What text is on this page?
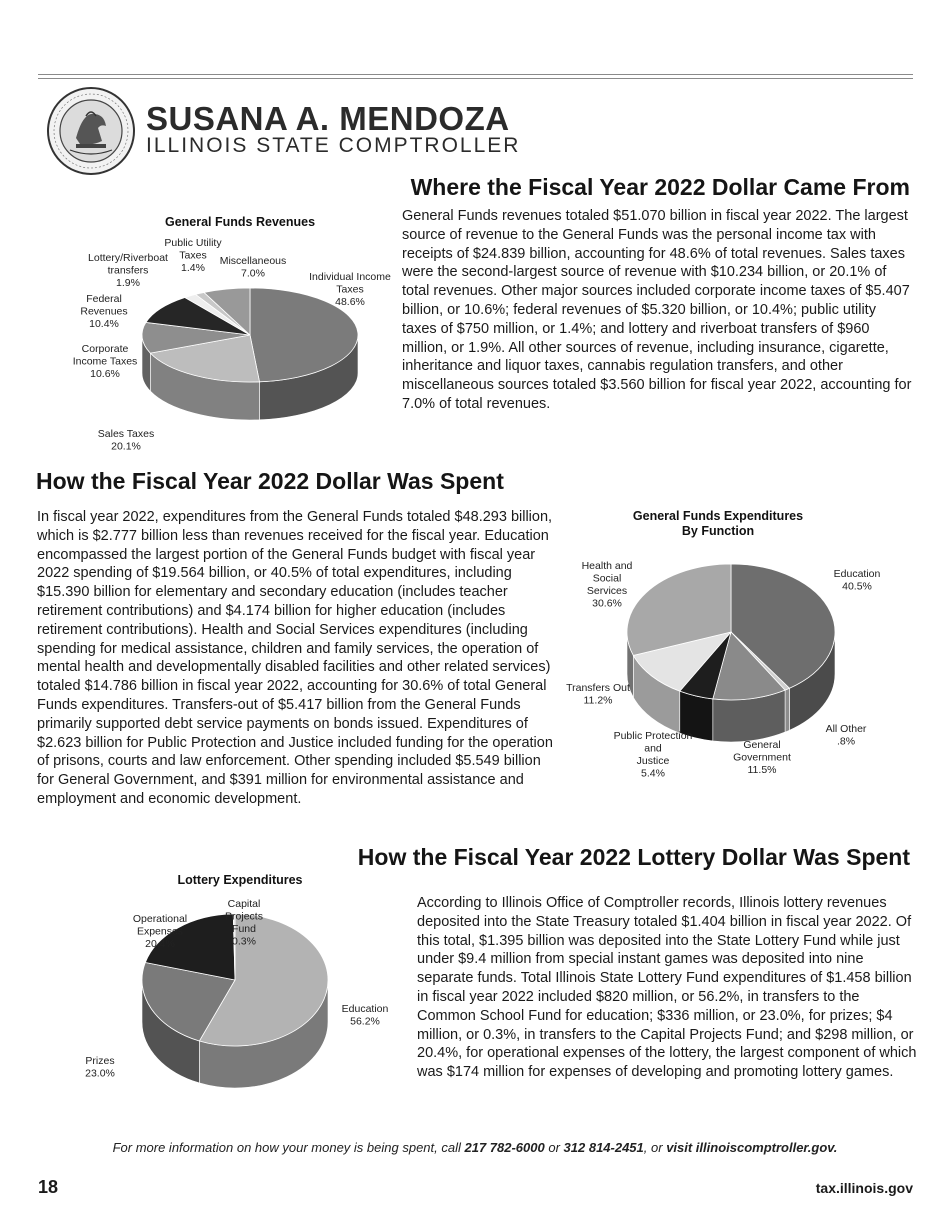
SUSANA A. MENDOZA
ILLINOIS STATE COMPTROLLER
Where the Fiscal Year 2022 Dollar Came From
General Funds revenues totaled $51.070 billion in fiscal year 2022. The largest source of revenue to the General Funds was the personal income tax with receipts of $24.839 billion, accounting for 48.6% of total revenues. Sales taxes were the second-largest source of revenue with $10.234 billion, or 20.1% of total revenues. Other major sources included corporate income taxes of $5.407 billion, or 10.6%; federal revenues of $5.320 billion, or 10.4%; public utility taxes of $750 million, or 1.4%; and lottery and riverboat transfers of $960 million, or 1.9%. All other sources of revenue, including insurance, cigarette, inheritance and liquor taxes, cannabis regulation transfers, and other miscellaneous sources totaled $3.560 billion for fiscal year 2022, accounting for 7.0% of total revenues.
General Funds Revenues
Individual Income Taxes 48.6%
Sales Taxes 20.1%
Corporate Income Taxes 10.6%
Federal Revenues 10.4%
Lottery/Riverboat transfers 1.9%
Public Utility Taxes 1.4%
Miscellaneous 7.0%
How the Fiscal Year 2022 Dollar Was Spent
In fiscal year 2022, expenditures from the General Funds totaled $48.293 billion, which is $2.777 billion less than revenues received for the fiscal year. Education encompassed the largest portion of the General Funds budget with fiscal year 2022 spending of $19.564 billion, or 40.5% of total expenditures, including $15.390 billion for elementary and secondary education (includes teacher retirement contributions) and $4.174 billion for higher education (includes retirement contributions). Health and Social Services expenditures (including spending for medical assistance, children and family services, the operation of mental health and developmentally disabled facilities and other related services) totaled $14.786 billion in fiscal year 2022, accounting for 30.6% of total General Funds expenditures. Transfers-out of $5.417 billion from the General Funds primarily supported debt service payments on bonds issued. Expenditures of $2.623 billion for Public Protection and Justice included funding for the operation of prisons, courts and law enforcement. Other spending included $5.549 billion for General Government, and $391 million for environmental assistance and employment and economic development.
General Funds Expenditures By Function
Education 40.5%
All Other .8%
General Government 11.5%
Public Protection and Justice 5.4%
Transfers Out 11.2%
Health and Social Services 30.6%
How the Fiscal Year 2022 Lottery Dollar Was Spent
According to Illinois Office of Comptroller records, Illinois lottery revenues deposited into the State Treasury totaled $1.404 billion in fiscal year 2022. Of this total, $1.395 billion was deposited into the State Lottery Fund while just under $9.4 million from special instant games was deposited into nine separate funds. Total Illinois State Lottery Fund expenditures of $1.458 billion in fiscal year 2022 included $820 million, or 56.2%, in transfers to the Common School Fund for education; $336 million, or 23.0%, for prizes; $4 million, or 0.3%, in transfers to the Capital Projects Fund; and $298 million, or 20.4%, for operational expenses of the lottery, the largest component of which was $174 million for expenses of developing and promoting lottery games.
Lottery Expenditures
Education 56.2%
Prizes 23.0%
Operational Expenses 20.4%
Capital Projects Fund 0.3%
For more information on how your money is being spent, call 217 782-6000 or 312 814-2451, or visit illinoiscomptroller.gov.
18	tax.illinois.gov
